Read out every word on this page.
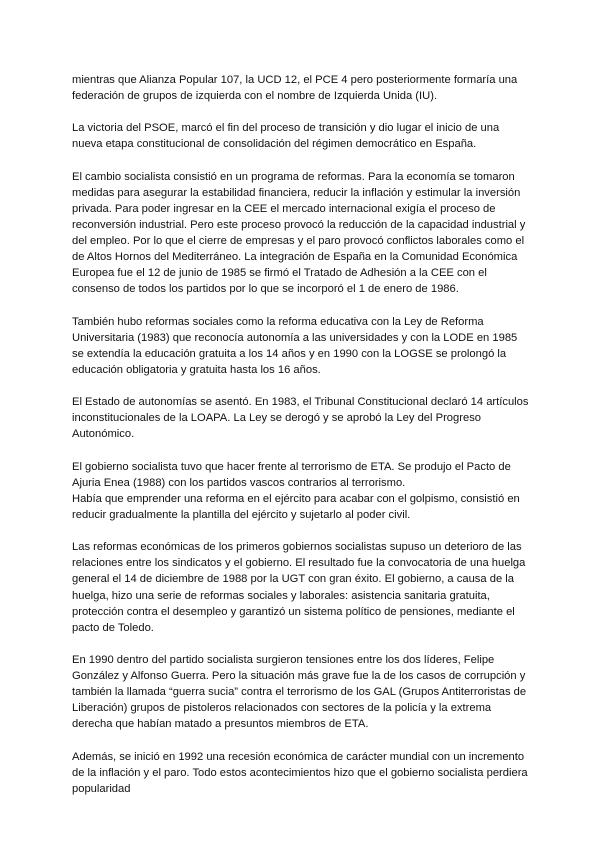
mientras que Alianza Popular 107, la UCD 12, el PCE 4 pero posteriormente formaría una
federación de grupos de izquierda con el nombre de Izquierda Unida (IU).

La victoria del PSOE, marcó el fin del proceso de transición y dio lugar el inicio de una
nueva etapa constitucional de consolidación del régimen democrático en España.

El cambio socialista consistió en un programa de reformas. Para la economía se tomaron
medidas para asegurar la estabilidad financiera, reducir la inflación y estimular la inversión
privada. Para poder ingresar en la CEE el mercado internacional exigía el proceso de
reconversión industrial. Pero este proceso provocó la reducción de la capacidad industrial y
del empleo. Por lo que el cierre de empresas y el paro provocó conflictos laborales como el
de Altos Hornos del Mediterráneo. La integración de España en la Comunidad Económica
Europea fue el 12 de junio de 1985 se firmó el Tratado de Adhesión a la CEE con el
consenso de todos los partidos por lo que se incorporó el 1 de enero de 1986.

También hubo reformas sociales como la reforma educativa con la Ley de Reforma
Universitaria (1983) que reconocía autonomía a las universidades y con la LODE en 1985
se extendía la educación gratuita a los 14 años y en 1990 con la LOGSE se prolongó la
educación obligatoria y gratuita hasta los 16 años.

El Estado de autonomías se asentó. En 1983, el Tribunal Constitucional declaró 14 artículos
inconstitucionales de la LOAPA. La Ley se derogó y se aprobó la Ley del Progreso
Autonómico.

El gobierno socialista tuvo que hacer frente al terrorismo de ETA. Se produjo el Pacto de
Ajuria Enea (1988) con los partidos vascos contrarios al terrorismo.
Había que emprender una reforma en el ejército para acabar con el golpismo, consistió en
reducir gradualmente la plantilla del ejército y sujetarlo al poder civil.

Las reformas económicas de los primeros gobiernos socialistas supuso un deterioro de las
relaciones entre los sindicatos y el gobierno. El resultado fue la convocatoria de una huelga
general el 14 de diciembre de 1988 por la UGT con gran éxito. El gobierno, a causa de la
huelga, hizo una serie de reformas sociales y laborales: asistencia sanitaria gratuita,
protección contra el desempleo y garantizó un sistema político de pensiones, mediante el
pacto de Toledo.

En 1990 dentro del partido socialista surgieron tensiones entre los dos líderes, Felipe
González y Alfonso Guerra. Pero la situación más grave fue la de los casos de corrupción y
también la llamada “guerra sucia” contra el terrorismo de los GAL (Grupos Antiterroristas de
Liberación) grupos de pistoleros relacionados con sectores de la policía y la extrema
derecha que habían matado a presuntos miembros de ETA.

Además, se inició en 1992 una recesión económica de carácter mundial con un incremento
de la inflación y el paro. Todo estos acontecimientos hizo que el gobierno socialista perdiera
popularidad
